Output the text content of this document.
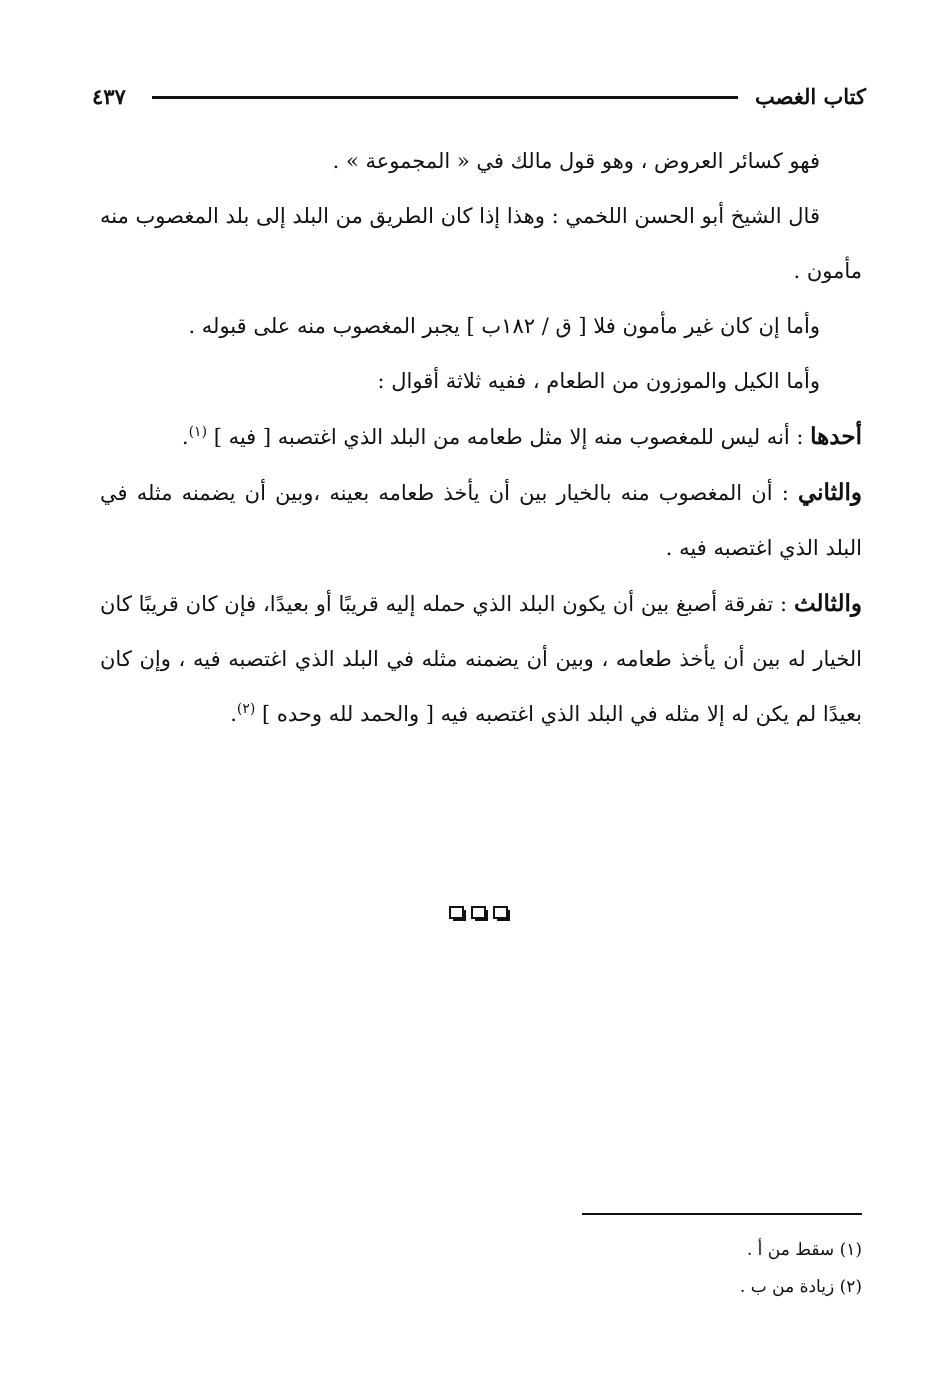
كتاب الغصب
٤٣٧

فهو كسائر العروض ، وهو قول مالك في « المجموعة » .

قال الشيخ أبو الحسن اللخمي : وهذا إذا كان الطريق من البلد إلى بلد المغصوب منه مأمون .

وأما إن كان غير مأمون فلا [ ق / ١٨٢ب ] يجبر المغصوب منه على قبوله .

وأما الكيل والموزون من الطعام ، ففيه ثلاثة أقوال :

أحدها : أنه ليس للمغصوب منه إلا مثل طعامه من البلد الذي اغتصبه [ فيه ] $^{(١)}$.

والثاني : أن المغصوب منه بالخيار بين أن يأخذ طعامه بعينه ،وبين أن يضمنه مثله في البلد الذي اغتصبه فيه .

والثالث : تفرقة أصبغ بين أن يكون البلد الذي حمله إليه قريبًا أو بعيدًا، فإن كان قريبًا كان الخيار له بين أن يأخذ طعامه ، وبين أن يضمنه مثله في البلد الذي اغتصبه فيه ، وإن كان بعيدًا لم يكن له إلا مثله في البلد الذي اغتصبه فيه [ والحمد لله وحده ] $^{(٢)}$.

(١) سقط من أ .

(٢) زيادة من ب .
